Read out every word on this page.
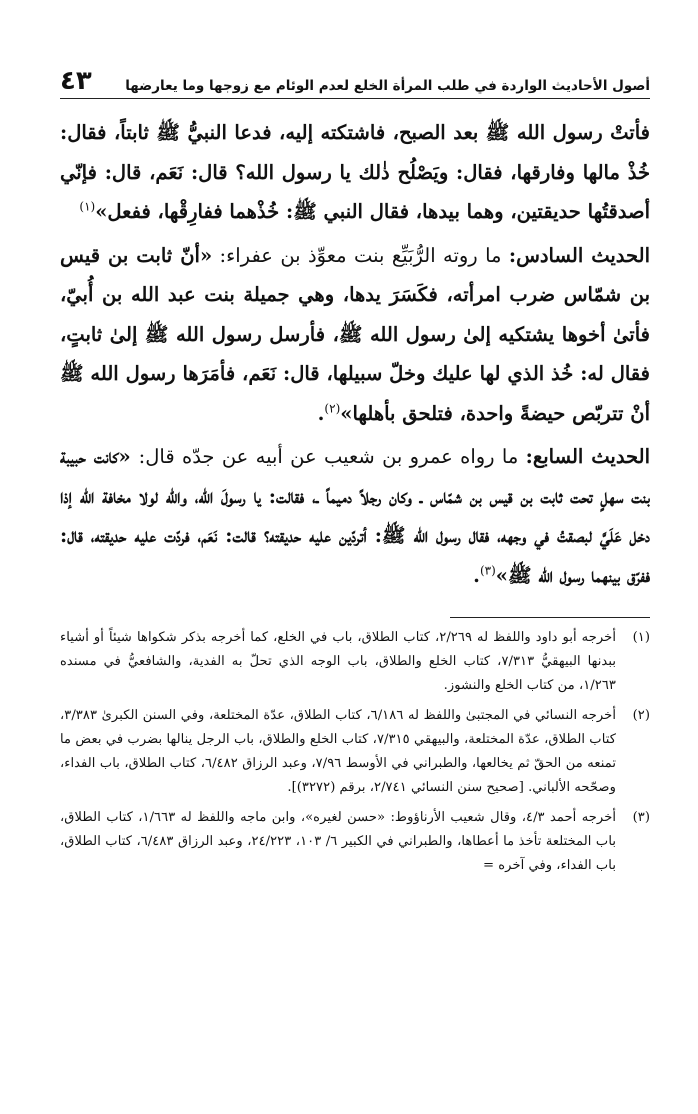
أصول الأحاديث الواردة في طلب المرأة الخلع لعدم الوئام مع زوجها وما يعارضها
٤٣

فأتتْ رسول الله ﷺ بعد الصبح، فاشتكته إليه، فدعا النبيُّ ﷺ ثابتاً، فقال: خُذْ مالها وفارقها، فقال: ويَصْلُح ذٰلك يا رسول الله؟ قال: نَعَم، قال: فإنّي أصدقتُها حديقتين، وهما بيدها، فقال النبي ﷺ: خُذْهما ففارِقْها، ففعل»$^{(١)}$

الحديث السادس: ما روته الرُّبَيِّع بنت معوِّذ بن عفراء: «أنّ ثابت بن قيس بن شمّاس ضرب امرأته، فكَسَرَ يدها، وهي جميلة بنت عبد الله بن أُبيّ، فأتىٰ أخوها يشتكيه إلىٰ رسول الله ﷺ، فأرسل رسول الله ﷺ إلىٰ ثابتٍ، فقال له: خُذ الذي لها عليك وخلّ سبيلها، قال: نَعَم، فأمَرَها رسول الله ﷺ أنْ تتربّص حيضةً واحدة، فتلحق بأهلها»$^{(٢)}$.

الحديث السابع: ما رواه عمرو بن شعيب عن أبيه عن جدّه قال: «كانت حبيبة بنت سهلٍ تحت ثابت بن قيس بن شمّاس ـ وكان رجلاً دميماً ـ، فقالت: يا رسولَ الله، والله لولا مخافة الله إذا دخل عَلَيَّ لبصقتُ في وجهه، فقال رسول الله ﷺ: أتردّين عليه حديقته؟ قالت: نَعَم، فردّت عليه حديقته، قال: ففرّق بينهما رسول الله ﷺ»$^{(٣)}$.

(١)
أخرجه أبو داود واللفظ له ٢/٢٦٩، كتاب الطلاق، باب في الخلع، كما أخرجه بذكر شكواها شيئاً أو أشياء ببدنها البيهقيُّ ٧/٣١٣، كتاب الخلع والطلاق، باب الوجه الذي تحلّ به الفدية، والشافعيُّ في مسنده ١/٢٦٣، من كتاب الخلع والنشوز.
(٢)
أخرجه النسائي في المجتبىٰ واللفظ له ٦/١٨٦، كتاب الطلاق، عدّة المختلعة، وفي السنن الكبرىٰ ٣/٣٨٣، كتاب الطلاق، عدّة المختلعة، والبيهقي ٧/٣١٥، كتاب الخلع والطلاق، باب الرجل ينالها بضرب في بعض ما تمنعه من الحقّ ثم يخالعها، والطبراني في الأوسط ٧/٩٦، وعبد الرزاق ٦/٤٨٢، كتاب الطلاق، باب الفداء، وصحّحه الألباني. [صحيح سنن النسائي ٢/٧٤١، برقم (٣٢٧٢)].
(٣)
أخرجه أحمد ٤/٣، وقال شعيب الأرناؤوط: «حسن لغيره»، وابن ماجه واللفظ له ١/٦٦٣، كتاب الطلاق، باب المختلعة تأخذ ما أعطاها، والطبراني في الكبير ٦/ ١٠٣، ٢٤/٢٢٣، وعبد الرزاق ٦/٤٨٣، كتاب الطلاق، باب الفداء، وفي آخره =
